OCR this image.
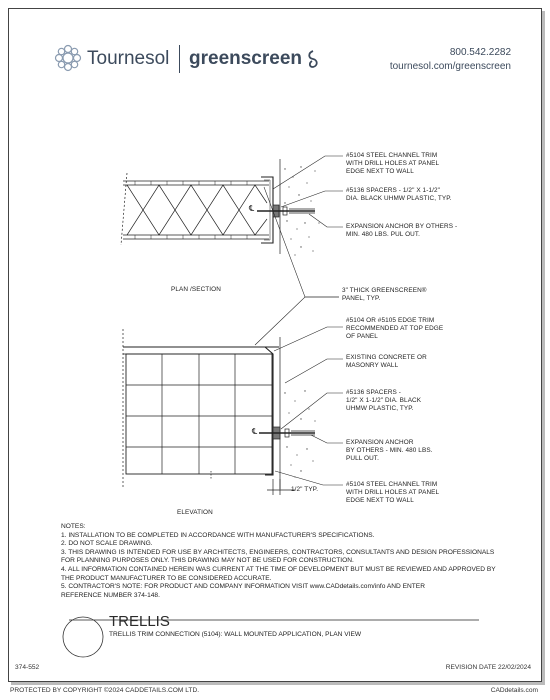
Tournesol greenscreen	800.542.2282
tournesol.com/greenscreen
℄
℄
#5104 STEEL CHANNEL TRIM
WITH DRILL HOLES AT PANEL
EDGE NEXT TO WALL
#5136 SPACERS - 1/2" X 1-1/2"
DIA. BLACK UHMW PLASTIC, TYP.
EXPANSION ANCHOR BY OTHERS -
MIN. 480 LBS. PUL OUT.
3" THICK GREENSCREEN®
PANEL, TYP.
#5104 OR #5105 EDGE TRIM
RECOMMENDED AT TOP EDGE
OF PANEL
EXISTING CONCRETE OR
MASONRY WALL
#5136 SPACERS -
1/2" X 1-1/2" DIA. BLACK
UHMW PLASTIC, TYP.
EXPANSION ANCHOR
BY OTHERS - MIN. 480 LBS.
PULL OUT.
#5104 STEEL CHANNEL TRIM
WITH DRILL HOLES AT PANEL
EDGE NEXT TO WALL
PLAN /SECTION
ELEVATION
1/2" TYP.
NOTES:
1. INSTALLATION TO BE COMPLETED IN ACCORDANCE WITH MANUFACTURER'S SPECIFICATIONS.
2. DO NOT SCALE DRAWING.
3. THIS DRAWING IS INTENDED FOR USE BY ARCHITECTS, ENGINEERS, CONTRACTORS, CONSULTANTS AND DESIGN PROFESSIONALS
FOR PLANNING PURPOSES ONLY. THIS DRAWING MAY NOT BE USED FOR CONSTRUCTION.
4. ALL INFORMATION CONTAINED HEREIN WAS CURRENT AT THE TIME OF DEVELOPMENT BUT MUST BE REVIEWED AND APPROVED BY
THE PRODUCT MANUFACTURER TO BE CONSIDERED ACCURATE.
5. CONTRACTOR'S NOTE: FOR PRODUCT AND COMPANY INFORMATION VISIT www.CADdetails.com/info AND ENTER
REFERENCE NUMBER 374-148.
TRELLIS
TRELLIS TRIM CONNECTION (5104): WALL MOUNTED APPLICATION, PLAN VIEW
374-552	REVISION DATE 22/02/2024
PROTECTED BY COPYRIGHT ©2024 CADDETAILS.COM LTD.	CADdetails.com
